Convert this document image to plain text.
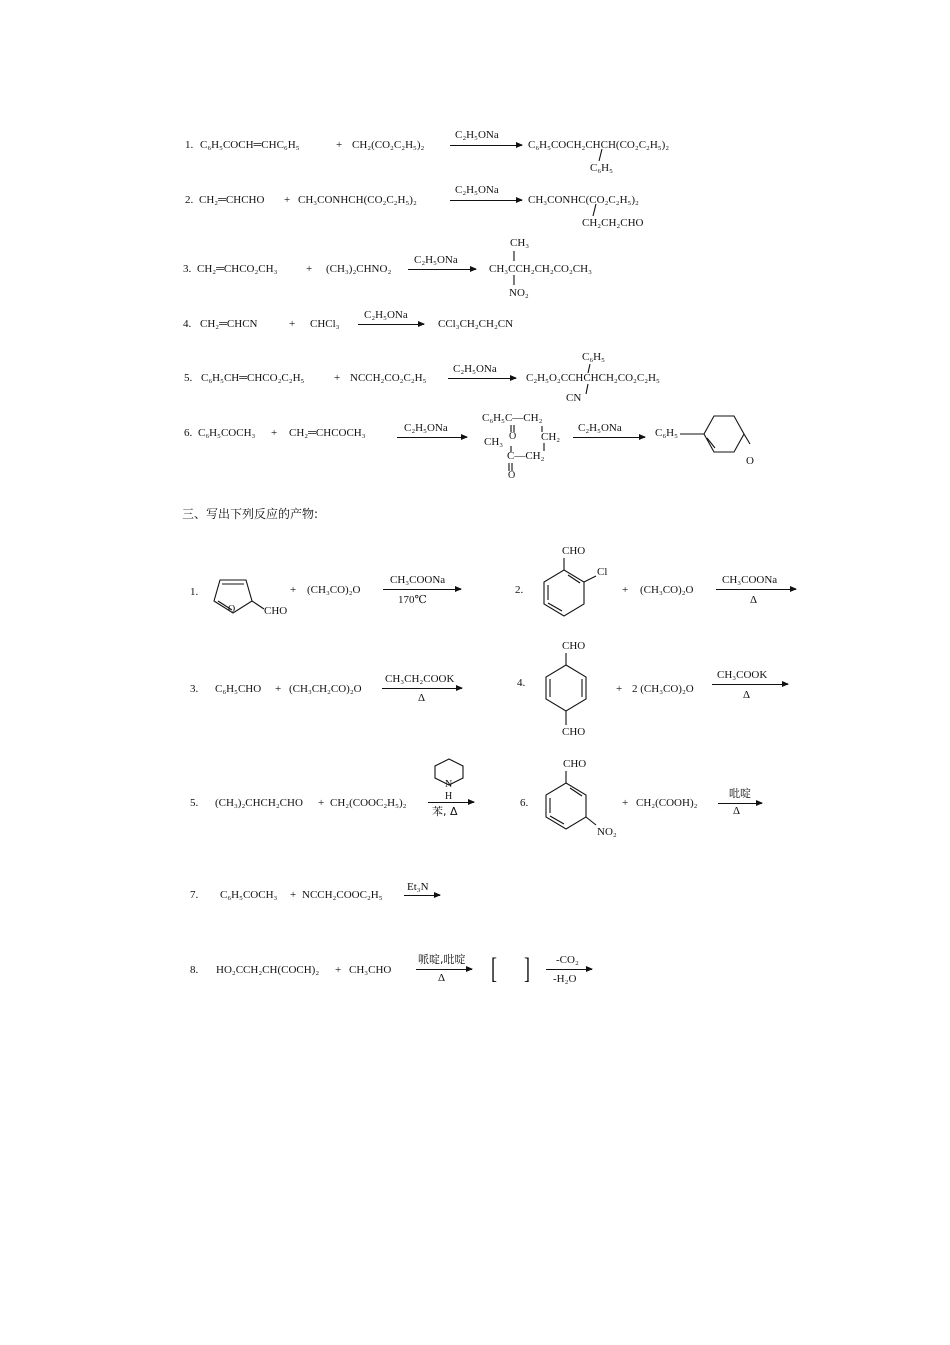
1. C₆H₅COCH═CHC₆H₅	+ CH₂(CO₂C₂H₅)₂
C₂H₅ONa
C₆H₅COCH₂CHCH(CO₂C₂H₅)₂
C₆H₅
2. CH₂═CHCHO + CH₃CONHCH(CO₂C₂H₅)₂
C₂H₅ONa
CH₃CONHC(CO₂C₂H₅)₂
CH₂CH₂CHO
3. CH₂═CHCO₂CH₃	+ (CH₃)₂CHNO₂
C₂H₅ONa
CH₃
CH₃CCH₂CH₂CO₂CH₃
NO₂
4. CH₂═CHCN	+ CHCl₃
C₂H₅ONa
CCl₃CH₂CH₂CN
5. C₆H₅CH═CHCO₂C₂H₅	+ NCCH₂CO₂C₂H₅
C₂H₅ONa
C₆H₅
C₂H₅O₂CCHCHCH₂CO₂C₂H₅
CN
6. C₆H₅COCH₃ + CH₂═CHCOCH₃	C₂H₅ONa
C₆H₅C—CH₂
O CH₂
CH₃
C—CH₂
O
C₂H₅ONa	C₆H₅
O
三、写出下列反应的产物:
1.
O	CHO
+ (CH₃CO)₂O
CH₃COONa
170℃
2.
CHO
Cl
+ (CH₃CO)₂O
CH₃COONa
Δ
3. C₆H₅CHO + (CH₃CH₂CO)₂O
CH₃CH₂COOK
Δ
4.
CHO
CHO
+ 2 (CH₃CO)₂O
CH₃COOK
Δ
5. (CH₃)₂CHCH₂CHO + CH₂(COOC₂H₅)₂
N
H
苯, Δ
6.
CHO
NO₂
+ CH₂(COOH)₂
吡啶
Δ
7. C₆H₅COCH₃ + NCCH₂COOC₂H₅
Et₃N
8. HO₂CCH₂CH(COCH)₂ + CH₃CHO
哌啶,吡啶
Δ [ ] -CO₂
-H₂O
